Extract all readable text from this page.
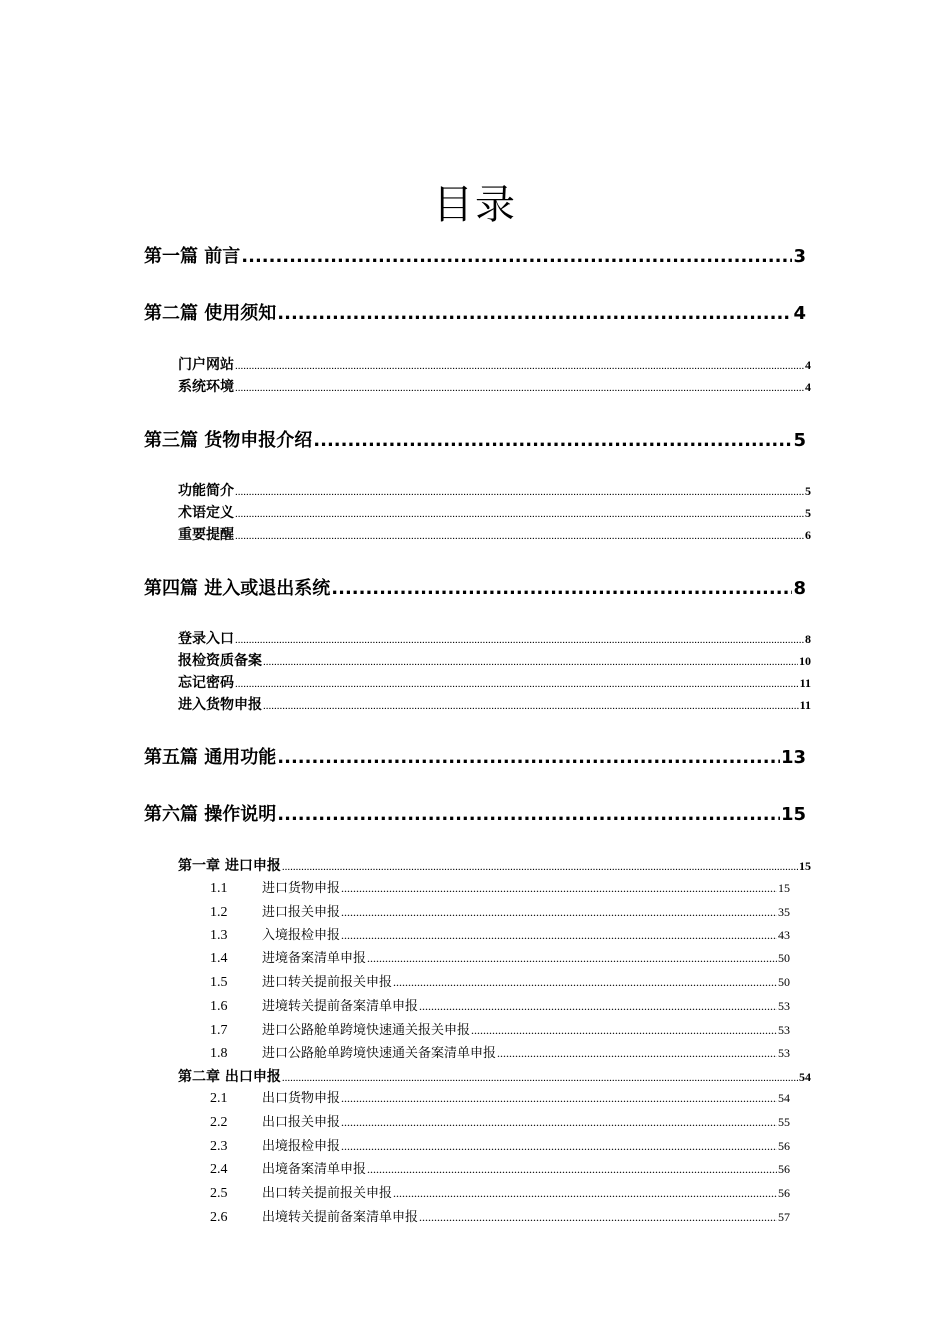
目录
第一篇 前言 .....	3
第二篇 使用须知 .....	4
门户网站 .....	4
系统环境 .....	4
第三篇 货物申报介绍 .....	5
功能简介 .....	5
术语定义 .....	5
重要提醒 .....	6
第四篇 进入或退出系统 .....	8
登录入口 .....	8
报检资质备案 .....	10
忘记密码 .....	11
进入货物申报 .....	11
第五篇 通用功能 .....	13
第六篇 操作说明 .....	15
第一章 进口申报 .....	15
1.1	进口货物申报 .....	15
1.2	进口报关申报 .....	35
1.3	入境报检申报 .....	43
1.4	进境备案清单申报 .....	50
1.5	进口转关提前报关申报 .....	50
1.6	进境转关提前备案清单申报 .....	53
1.7	进口公路舱单跨境快速通关报关申报 .....	53
1.8	进口公路舱单跨境快速通关备案清单申报 .....	53
第二章 出口申报 .....	54
2.1	出口货物申报 .....	54
2.2	出口报关申报 .....	55
2.3	出境报检申报 .....	56
2.4	出境备案清单申报 .....	56
2.5	出口转关提前报关申报 .....	56
2.6	出境转关提前备案清单申报 .....	57
